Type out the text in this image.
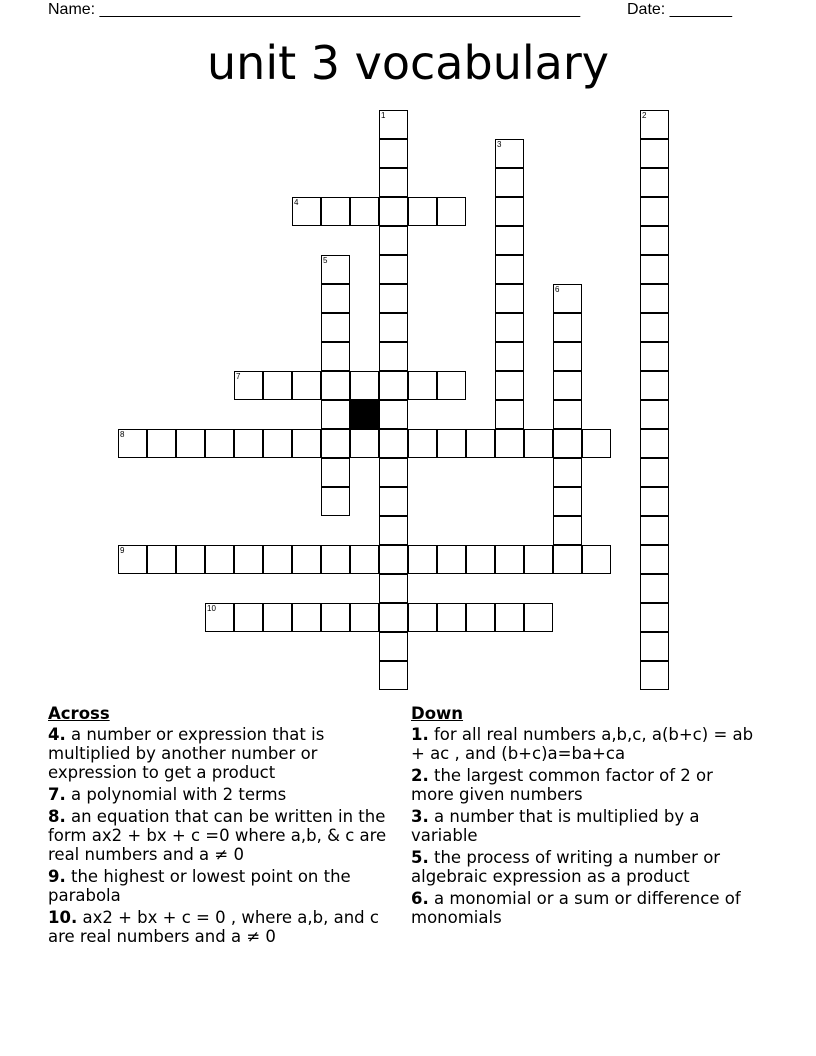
Name: ______________________________________________________	Date: _______
unit 3 vocabulary
1	2
3
4
5
6
7
8
9
10
Across
4. a number or expression that is multiplied by another number or expression to get a product
7. a polynomial with 2 terms
8. an equation that can be written in the form ax2 + bx + c =0 where a,b, & c are real numbers and a ≠ 0
9. the highest or lowest point on the parabola
10. ax2 + bx + c = 0 , where a,b, and c are real numbers and a ≠ 0
Down
1. for all real numbers a,b,c, a(b+c) = ab + ac , and (b+c)a=ba+ca
2. the largest common factor of 2 or more given numbers
3. a number that is multiplied by a variable
5. the process of writing a number or algebraic expression as a product
6. a monomial or a sum or difference of monomials
